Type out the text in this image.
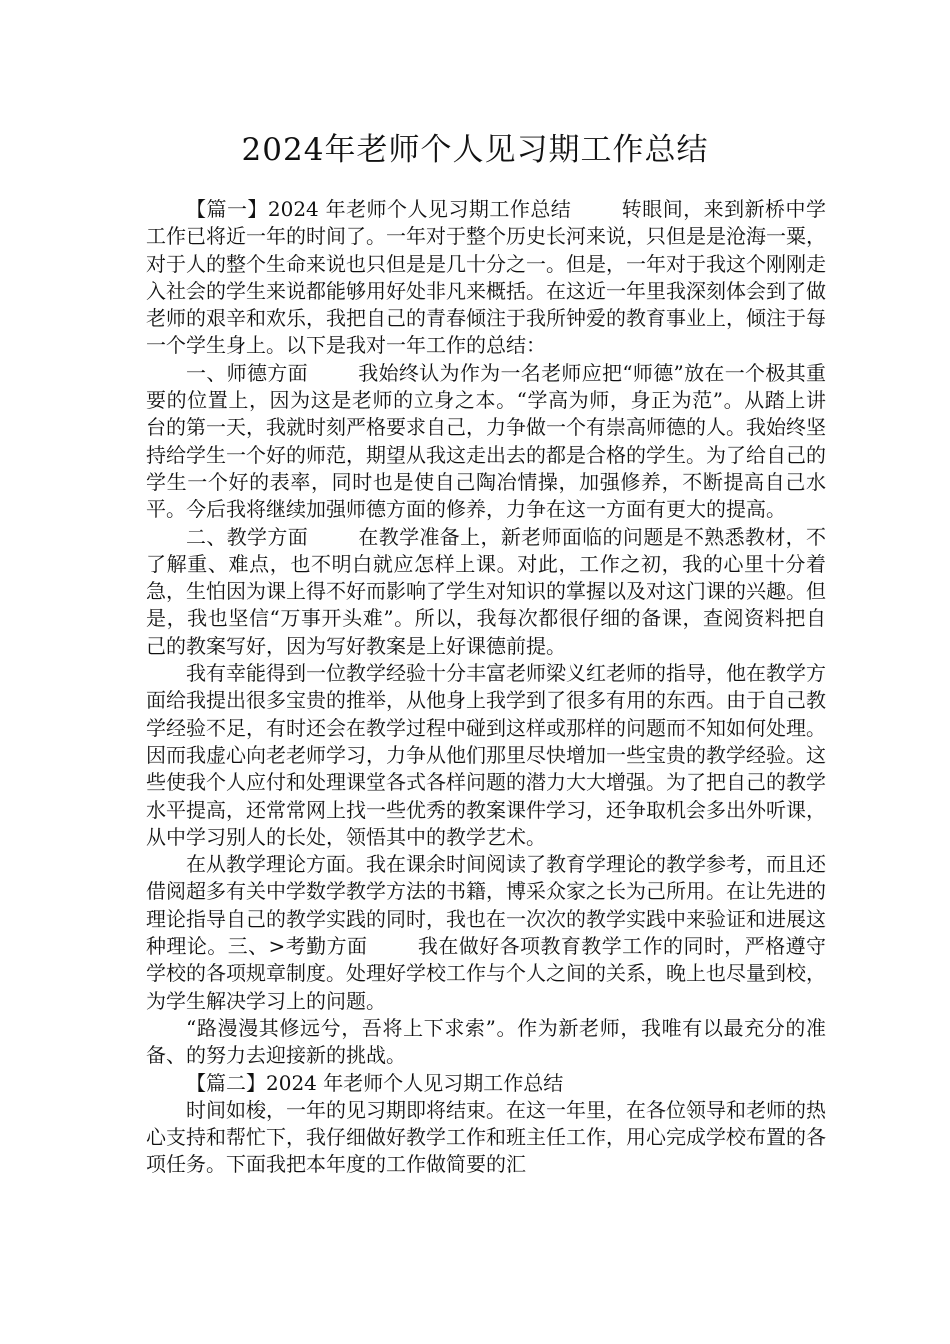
2024年老师个人见习期工作总结

【篇一】2024 年老师个人见习期工作总结	转眼间，来到新桥中学工作已将近一年的时间了。一年对于整个历史长河来说，只但是是沧海一粟，对于人的整个生命来说也只但是是几十分之一。但是，一年对于我这个刚刚走入社会的学生来说都能够用好处非凡来概括。在这近一年里我深刻体会到了做老师的艰辛和欢乐，我把自己的青春倾注于我所钟爱的教育事业上，倾注于每一个学生身上。以下是我对一年工作的总结：

一、师德方面	我始终认为作为一名老师应把“师德”放在一个极其重要的位置上，因为这是老师的立身之本。“学高为师，身正为范”。从踏上讲台的第一天，我就时刻严格要求自己，力争做一个有崇高师德的人。我始终坚持给学生一个好的师范，期望从我这走出去的都是合格的学生。为了给自己的学生一个好的表率，同时也是使自己陶冶情操，加强修养，不断提高自己水平。今后我将继续加强师德方面的修养，力争在这一方面有更大的提高。

二、教学方面	在教学准备上，新老师面临的问题是不熟悉教材，不了解重、难点，也不明白就应怎样上课。对此，工作之初，我的心里十分着急，生怕因为课上得不好而影响了学生对知识的掌握以及对这门课的兴趣。但是，我也坚信“万事开头难”。所以，我每次都很仔细的备课，查阅资料把自己的教案写好，因为写好教案是上好课德前提。

我有幸能得到一位教学经验十分丰富老师梁义红老师的指导，他在教学方面给我提出很多宝贵的推举，从他身上我学到了很多有用的东西。由于自己教学经验不足，有时还会在教学过程中碰到这样或那样的问题而不知如何处理。因而我虚心向老老师学习，力争从他们那里尽快增加一些宝贵的教学经验。这些使我个人应付和处理课堂各式各样问题的潜力大大增强。为了把自己的教学水平提高，还常常网上找一些优秀的教案课件学习，还争取机会多出外听课，从中学习别人的长处，领悟其中的教学艺术。

在从教学理论方面。我在课余时间阅读了教育学理论的教学参考，而且还借阅超多有关中学数学教学方法的书籍，博采众家之长为己所用。在让先进的理论指导自己的教学实践的同时，我也在一次次的教学实践中来验证和进展这种理论。三、>考勤方面	我在做好各项教育教学工作的同时，严格遵守学校的各项规章制度。处理好学校工作与个人之间的关系，晚上也尽量到校，为学生解决学习上的问题。

“路漫漫其修远兮，吾将上下求索”。作为新老师，我唯有以最充分的准备、的努力去迎接新的挑战。

【篇二】2024 年老师个人见习期工作总结

时间如梭，一年的见习期即将结束。在这一年里，在各位领导和老师的热心支持和帮忙下，我仔细做好教学工作和班主任工作，用心完成学校布置的各项任务。下面我把本年度的工作做简要的汇
